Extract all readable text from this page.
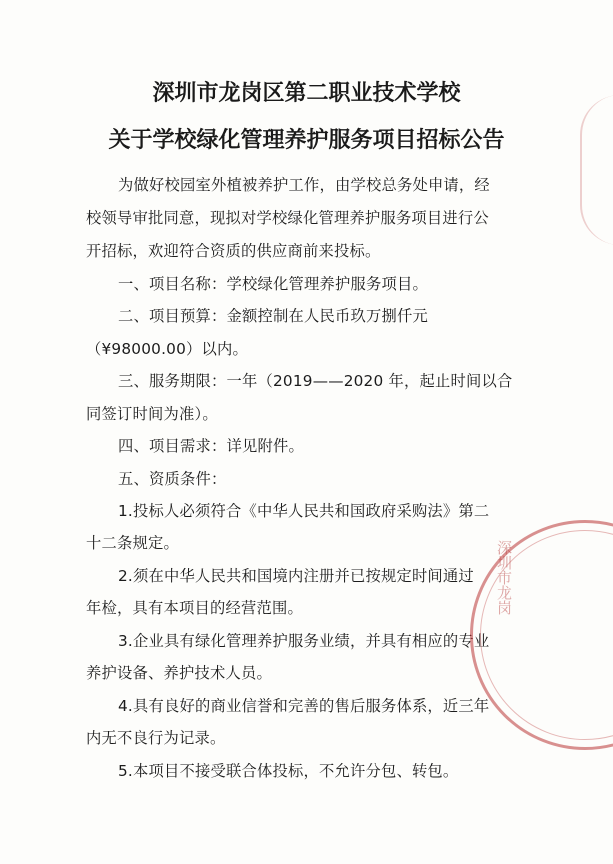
深圳市龙岗区第二职业技术学校
关于学校绿化管理养护服务项目招标公告
为做好校园室外植被养护工作，由学校总务处申请，经
校领导审批同意，现拟对学校绿化管理养护服务项目进行公
开招标，欢迎符合资质的供应商前来投标。
一、项目名称：学校绿化管理养护服务项目。
二、项目预算：金额控制在人民币玖万捌仟元
（¥98000.00）以内。
三、服务期限：一年（2019——2020 年，起止时间以合
同签订时间为准）。
四、项目需求：详见附件。
五、资质条件：
1.投标人必须符合《中华人民共和国政府采购法》第二
十二条规定。
2.须在中华人民共和国境内注册并已按规定时间通过
年检，具有本项目的经营范围。
3.企业具有绿化管理养护服务业绩，并具有相应的专业
养护设备、养护技术人员。
4.具有良好的商业信誉和完善的售后服务体系，近三年
内无不良行为记录。
5.本项目不接受联合体投标，不允许分包、转包。
深圳市龙岗
